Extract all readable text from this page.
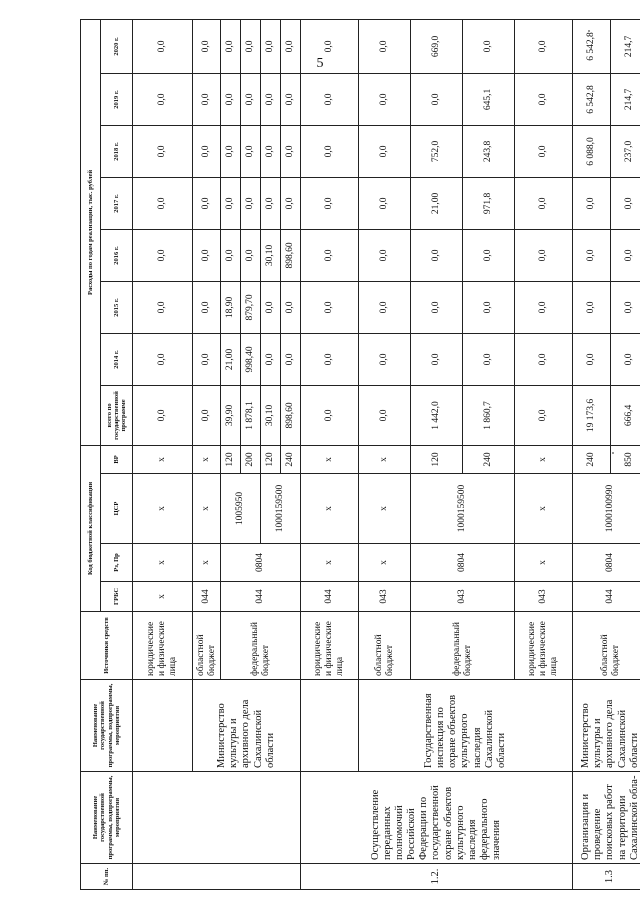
5
№ пп.	Наименование государственной программы, подпрограммы, мероприятия	Наименование государственной программы, подпрограммы, мероприятия	Источники средств	Код бюджетной классификации				Расходы по годам реализации, тыс. рублей							
				ГРБС	Рз, Пр	ЦСР	ВР	всего по государственной программе	2014 г.	2015 г.	2016 г.	2017 г.	2018 г.	2019 г.	2020 г.
			юридические и физические лица	х	х	х	х	0,0	0,0	0,0	0,0	0,0	0,0	0,0	0,0
		Министерство культуры и архивного дела Сахалинской области	областной бюджет	044	х	х	х	0,0	0,0	0,0	0,0	0,0	0,0	0,0	0,0
			федеральный бюджет	044	0804	1005950	120	39,90	21,00	18,90	0,0	0,0	0,0	0,0	0,0
							200	1 878,1	998,40	879,70	0,0	0,0	0,0	0,0	0,0
						1000159500	120	30,10	0,0	0,0	30,10	0,0	0,0	0,0	0,0
							240	898,60	0,0	0,0	898,60	0,0	0,0	0,0	0,0
1.2.	Осуществление переданных полномочий Российской Федерации по государственной охране объектов культурного наследия федерального значения		юридические и физические лица	044	х	х	х	0,0	0,0	0,0	0,0	0,0	0,0	0,0	0,0
		Государственная инспекция по охране объектов культурного наследия Сахалинской области	областной бюджет	043	х	х	х	0,0	0,0	0,0	0,0	0,0	0,0	0,0	0,0
			федеральный бюджет	043	0804	1000159500	120	1 442,0	0,0	0,0	0,0	21,00	752,0	0,0	669,0
							240	1 860,7	0,0	0,0	0,0	971,8	243,8	645,1	0,0
			юридические и физические лица	043	х	х	х	0,0	0,0	0,0	0,0	0,0	0,0	0,0	0,0
1.3	Организация и проведение поисковых работ на территории Сахалинской обла-	Министерство культуры и архивного дела Сахалинской области	областной бюджет	044	0804	1000100990	240	19 173,6	0,0	0,0	0,0	0,0	6 088,0	6 542,8	6 542,8
							850	666,4	0,0	0,0	0,0	0,0	237,0	214,7	214,7
